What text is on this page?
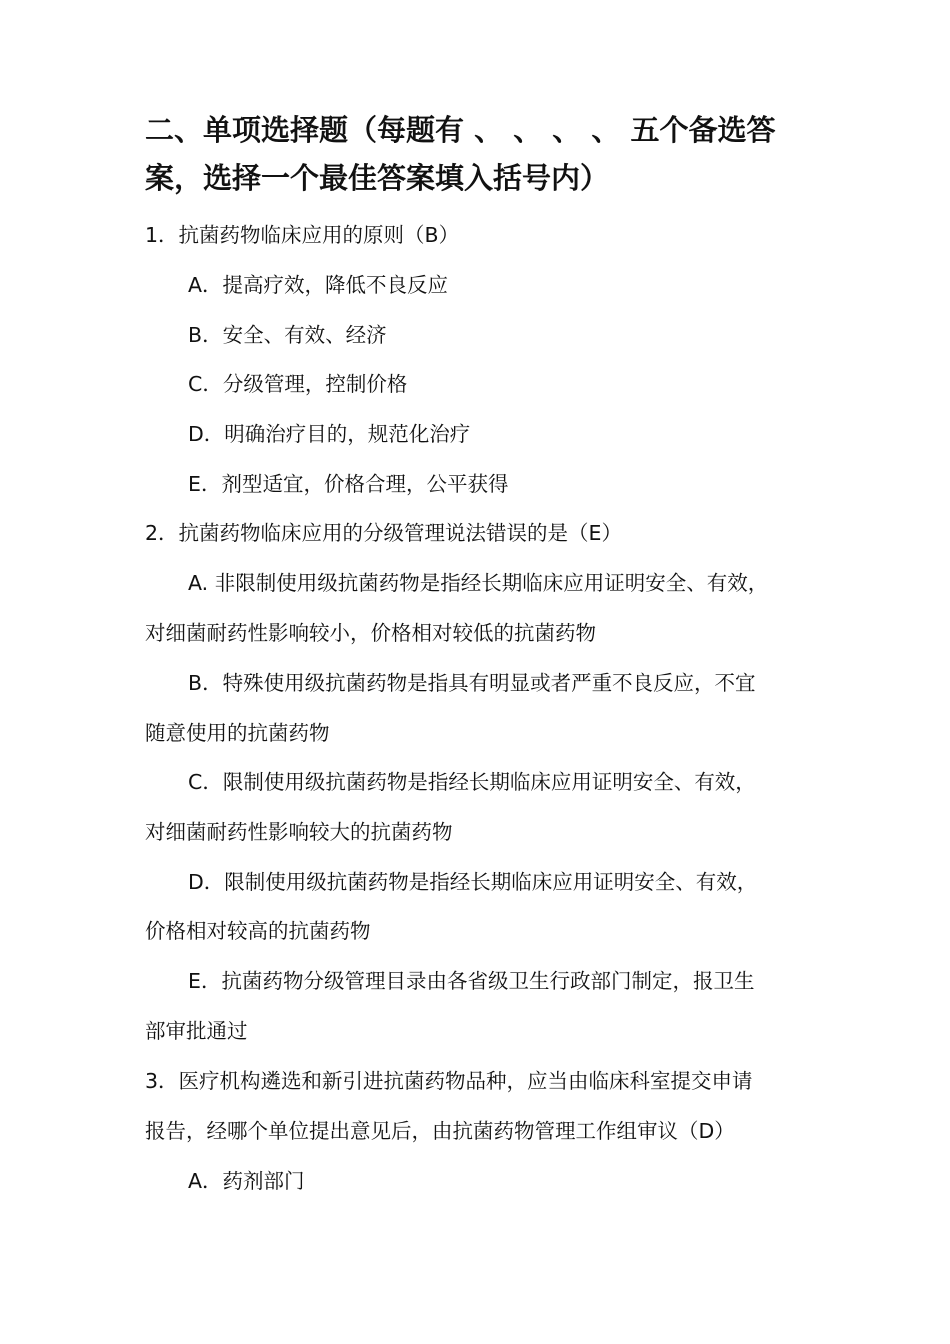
二、单项选择题（每题有 、 、 、 、 五个备选答
案，选择一个最佳答案填入括号内）
1．抗菌药物临床应用的原则（B）
A．提高疗效，降低不良反应
B．安全、有效、经济
C．分级管理，控制价格
D．明确治疗目的，规范化治疗
E．剂型适宜，价格合理，公平获得
2．抗菌药物临床应用的分级管理说法错误的是（E）
A. 非限制使用级抗菌药物是指经长期临床应用证明安全、有效，
对细菌耐药性影响较小，价格相对较低的抗菌药物
B．特殊使用级抗菌药物是指具有明显或者严重不良反应，不宜
随意使用的抗菌药物
C．限制使用级抗菌药物是指经长期临床应用证明安全、有效，
对细菌耐药性影响较大的抗菌药物
D．限制使用级抗菌药物是指经长期临床应用证明安全、有效，
价格相对较高的抗菌药物
E．抗菌药物分级管理目录由各省级卫生行政部门制定，报卫生
部审批通过
3．医疗机构遴选和新引进抗菌药物品种，应当由临床科室提交申请
报告，经哪个单位提出意见后，由抗菌药物管理工作组审议（D）
A．药剂部门
